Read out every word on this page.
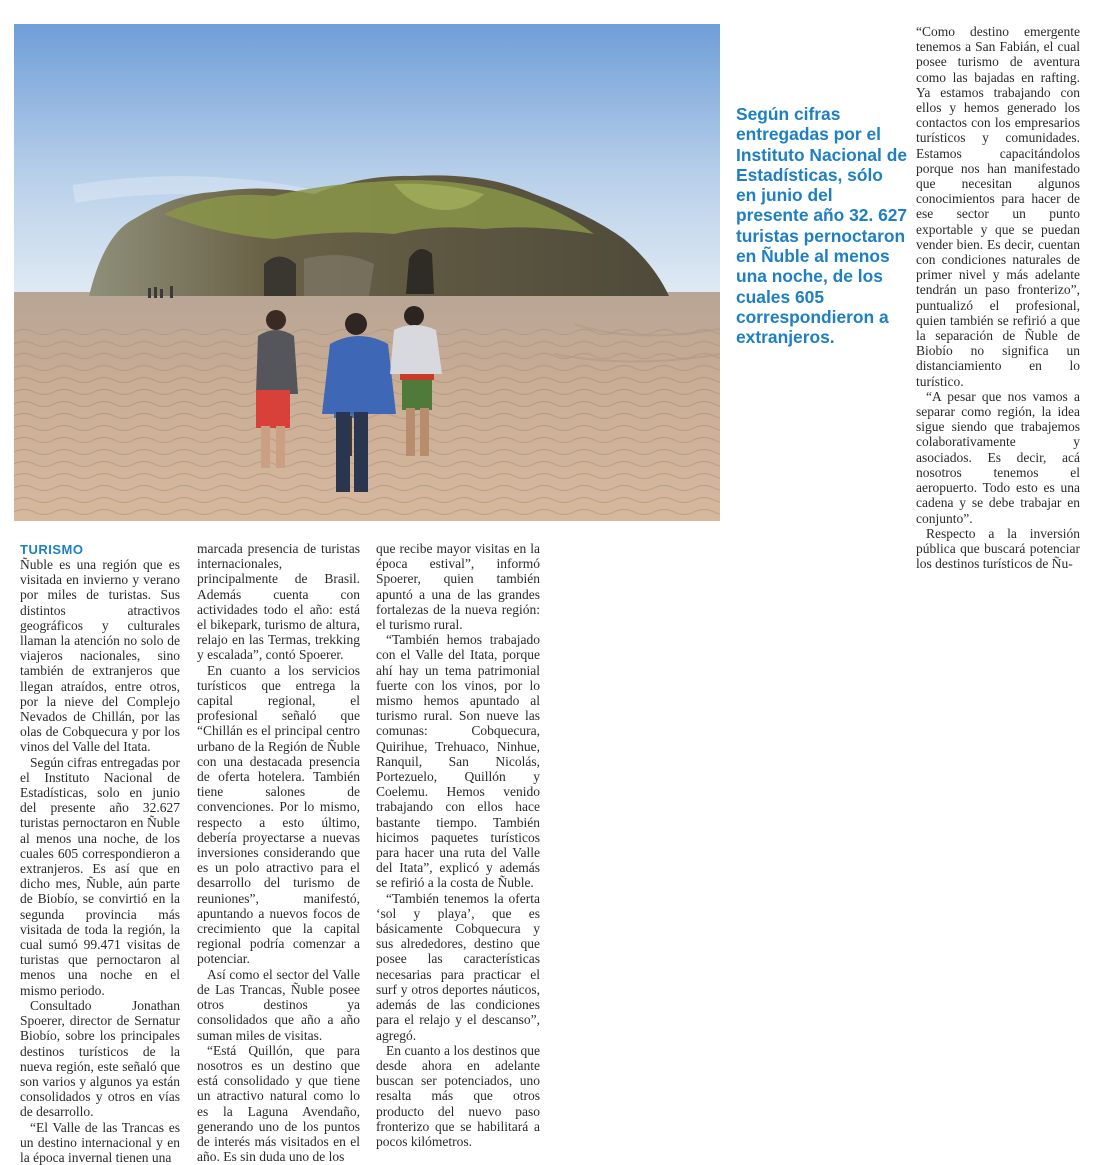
Según cifras entregadas por el Instituto Nacional de Estadísticas, sólo en junio del presente año 32. 627 turistas pernoctaron en Ñuble al menos una noche, de los cuales 605 correspondieron a extranjeros.

“Como destino emergente tenemos a San Fabián, el cual posee turismo de aventura como las bajadas en rafting. Ya estamos trabajando con ellos y hemos generado los contactos con los empresarios turísticos y comunidades. Estamos capacitándolos porque nos han manifestado que necesitan algunos conocimientos para hacer de ese sector un punto exportable y que se puedan vender bien. Es decir, cuentan con condiciones naturales de primer nivel y más adelante tendrán un paso fronterizo”, puntualizó el profesional, quien también se refirió a que la separación de Ñuble de Biobío no significa un distanciamiento en lo turístico.

“A pesar que nos vamos a separar como región, la idea sigue siendo que trabajemos colaborativamente y asociados. Es decir, acá nosotros tenemos el aeropuerto. Todo esto es una cadena y se debe trabajar en conjunto”.

Respecto a la inversión pública que buscará potenciar los destinos turísticos de Ñu-

TURISMO

Ñuble es una región que es visitada en invierno y verano por miles de turistas. Sus distintos atractivos geográficos y culturales llaman la atención no solo de viajeros nacionales, sino también de extranjeros que llegan atraídos, entre otros, por la nieve del Complejo Nevados de Chillán, por las olas de Cobquecura y por los vinos del Valle del Itata.

Según cifras entregadas por el Instituto Nacional de Estadísticas, solo en junio del presente año 32.627 turistas pernoctaron en Ñuble al menos una noche, de los cuales 605 correspondieron a extranjeros. Es así que en dicho mes, Ñuble, aún parte de Biobío, se convirtió en la segunda provincia más visitada de toda la región, la cual sumó 99.471 visitas de turistas que pernoctaron al menos una noche en el mismo periodo.

Consultado Jonathan Spoerer, director de Sernatur Biobío, sobre los principales destinos turísticos de la nueva región, este señaló que son varios y algunos ya están consolidados y otros en vías de desarrollo.

“El Valle de las Trancas es un destino internacional y en la época invernal tienen una

marcada presencia de turistas internacionales, principalmente de Brasil. Además cuenta con actividades todo el año: está el bikepark, turismo de altura, relajo en las Termas, trekking y escalada”, contó Spoerer.

En cuanto a los servicios turísticos que entrega la capital regional, el profesional señaló que “Chillán es el principal centro urbano de la Región de Ñuble con una destacada presencia de oferta hotelera. También tiene salones de convenciones. Por lo mismo, respecto a esto último, debería proyectarse a nuevas inversiones considerando que es un polo atractivo para el desarrollo del turismo de reuniones”, manifestó, apuntando a nuevos focos de crecimiento que la capital regional podría comenzar a potenciar.

Así como el sector del Valle de Las Trancas, Ñuble posee otros destinos ya consolidados que año a año suman miles de visitas.

“Está Quillón, que para nosotros es un destino que está consolidado y que tiene un atractivo natural como lo es la Laguna Avendaño, generando uno de los puntos de interés más visitados en el año. Es sin duda uno de los

que recibe mayor visitas en la época estival”, informó Spoerer, quien también apuntó a una de las grandes fortalezas de la nueva región: el turismo rural.

“También hemos trabajado con el Valle del Itata, porque ahí hay un tema patrimonial fuerte con los vinos, por lo mismo hemos apuntado al turismo rural. Son nueve las comunas: Cobquecura, Quirihue, Trehuaco, Ninhue, Ranquil, San Nicolás, Portezuelo, Quillón y Coelemu. Hemos venido trabajando con ellos hace bastante tiempo. También hicimos paquetes turísticos para hacer una ruta del Valle del Itata”, explicó y además se refirió a la costa de Ñuble.

“También tenemos la oferta ‘sol y playa’, que es básicamente Cobquecura y sus alrededores, destino que posee las características necesarias para practicar el surf y otros deportes náuticos, además de las condiciones para el relajo y el descanso”, agregó.

En cuanto a los destinos que desde ahora en adelante buscan ser potenciados, uno resalta más que otros producto del nuevo paso fronterizo que se habilitará a pocos kilómetros.
